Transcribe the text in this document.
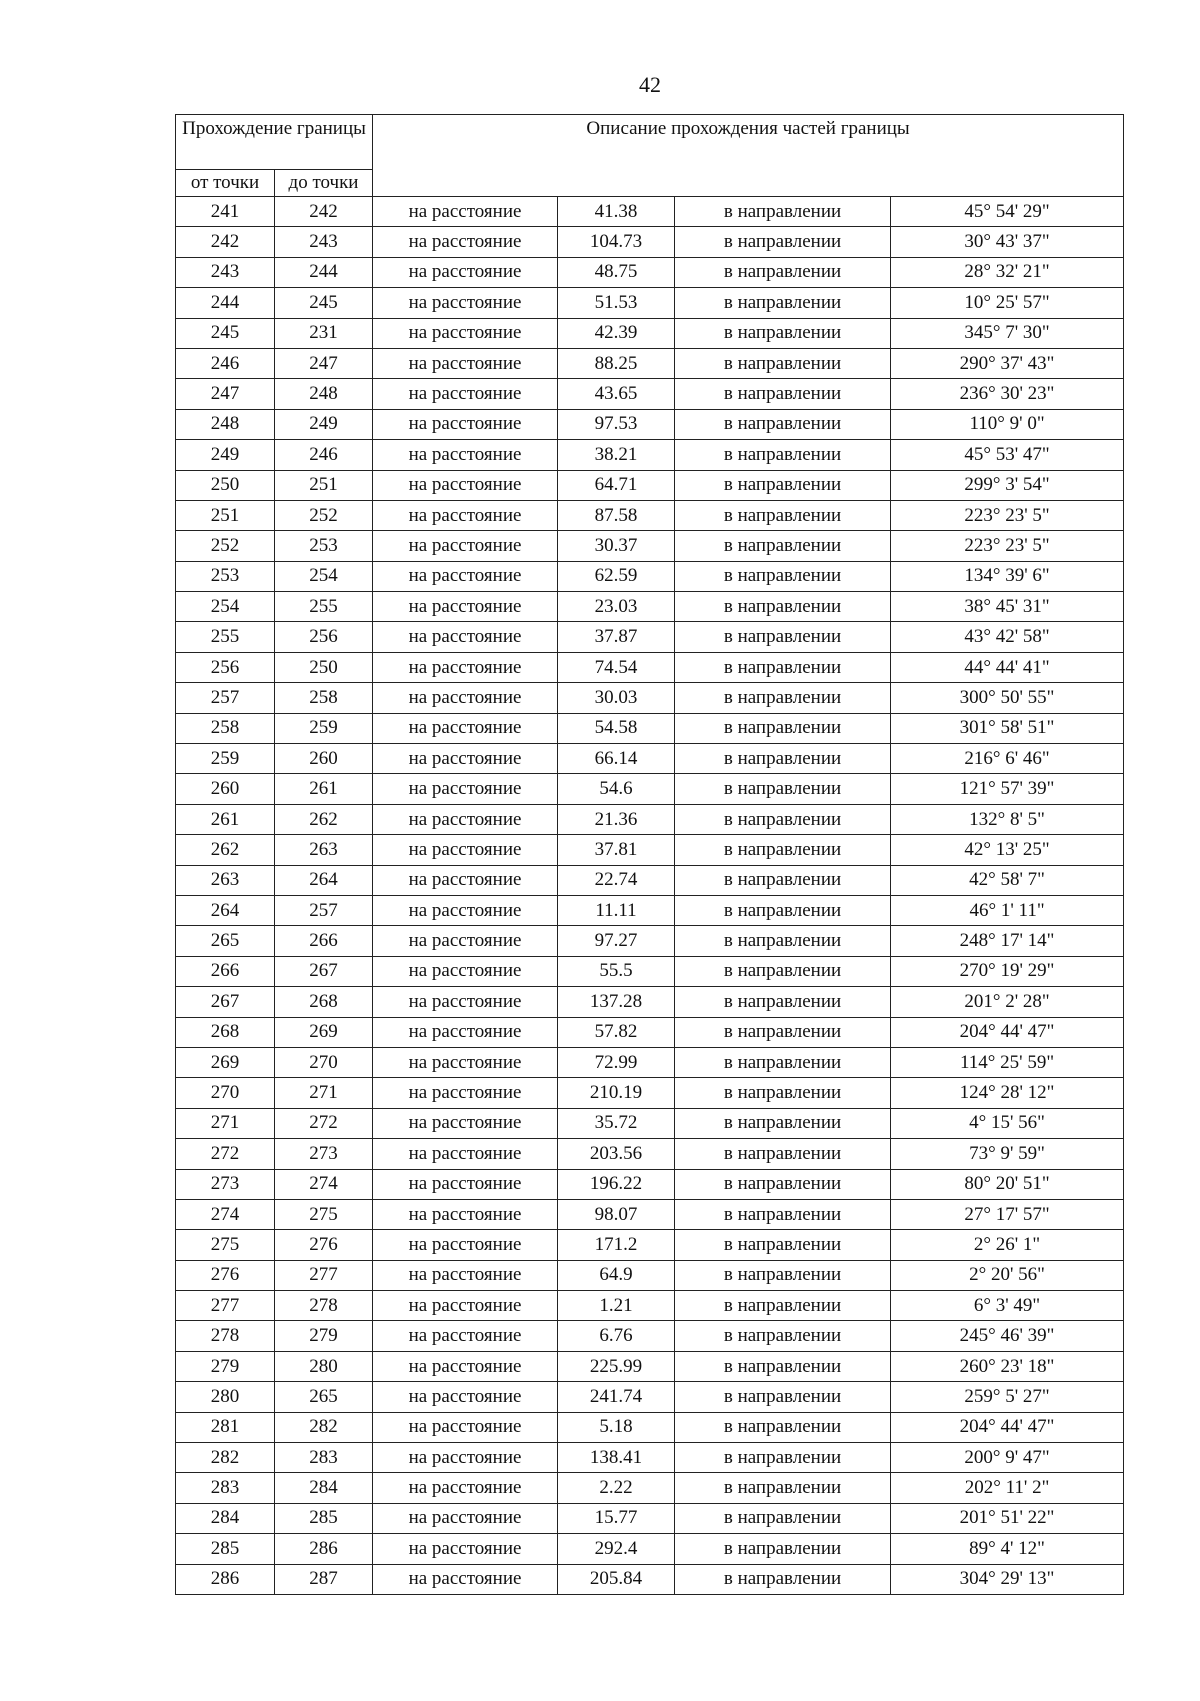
42
Прохождение границы		Описание прохождения частей границы			
от точки	до точки				
241	242	на расстояние	41.38	в направлении	45° 54' 29"
242	243	на расстояние	104.73	в направлении	30° 43' 37"
243	244	на расстояние	48.75	в направлении	28° 32' 21"
244	245	на расстояние	51.53	в направлении	10° 25' 57"
245	231	на расстояние	42.39	в направлении	345° 7' 30"
246	247	на расстояние	88.25	в направлении	290° 37' 43"
247	248	на расстояние	43.65	в направлении	236° 30' 23"
248	249	на расстояние	97.53	в направлении	110° 9' 0"
249	246	на расстояние	38.21	в направлении	45° 53' 47"
250	251	на расстояние	64.71	в направлении	299° 3' 54"
251	252	на расстояние	87.58	в направлении	223° 23' 5"
252	253	на расстояние	30.37	в направлении	223° 23' 5"
253	254	на расстояние	62.59	в направлении	134° 39' 6"
254	255	на расстояние	23.03	в направлении	38° 45' 31"
255	256	на расстояние	37.87	в направлении	43° 42' 58"
256	250	на расстояние	74.54	в направлении	44° 44' 41"
257	258	на расстояние	30.03	в направлении	300° 50' 55"
258	259	на расстояние	54.58	в направлении	301° 58' 51"
259	260	на расстояние	66.14	в направлении	216° 6' 46"
260	261	на расстояние	54.6	в направлении	121° 57' 39"
261	262	на расстояние	21.36	в направлении	132° 8' 5"
262	263	на расстояние	37.81	в направлении	42° 13' 25"
263	264	на расстояние	22.74	в направлении	42° 58' 7"
264	257	на расстояние	11.11	в направлении	46° 1' 11"
265	266	на расстояние	97.27	в направлении	248° 17' 14"
266	267	на расстояние	55.5	в направлении	270° 19' 29"
267	268	на расстояние	137.28	в направлении	201° 2' 28"
268	269	на расстояние	57.82	в направлении	204° 44' 47"
269	270	на расстояние	72.99	в направлении	114° 25' 59"
270	271	на расстояние	210.19	в направлении	124° 28' 12"
271	272	на расстояние	35.72	в направлении	4° 15' 56"
272	273	на расстояние	203.56	в направлении	73° 9' 59"
273	274	на расстояние	196.22	в направлении	80° 20' 51"
274	275	на расстояние	98.07	в направлении	27° 17' 57"
275	276	на расстояние	171.2	в направлении	2° 26' 1"
276	277	на расстояние	64.9	в направлении	2° 20' 56"
277	278	на расстояние	1.21	в направлении	6° 3' 49"
278	279	на расстояние	6.76	в направлении	245° 46' 39"
279	280	на расстояние	225.99	в направлении	260° 23' 18"
280	265	на расстояние	241.74	в направлении	259° 5' 27"
281	282	на расстояние	5.18	в направлении	204° 44' 47"
282	283	на расстояние	138.41	в направлении	200° 9' 47"
283	284	на расстояние	2.22	в направлении	202° 11' 2"
284	285	на расстояние	15.77	в направлении	201° 51' 22"
285	286	на расстояние	292.4	в направлении	89° 4' 12"
286	287	на расстояние	205.84	в направлении	304° 29' 13"
